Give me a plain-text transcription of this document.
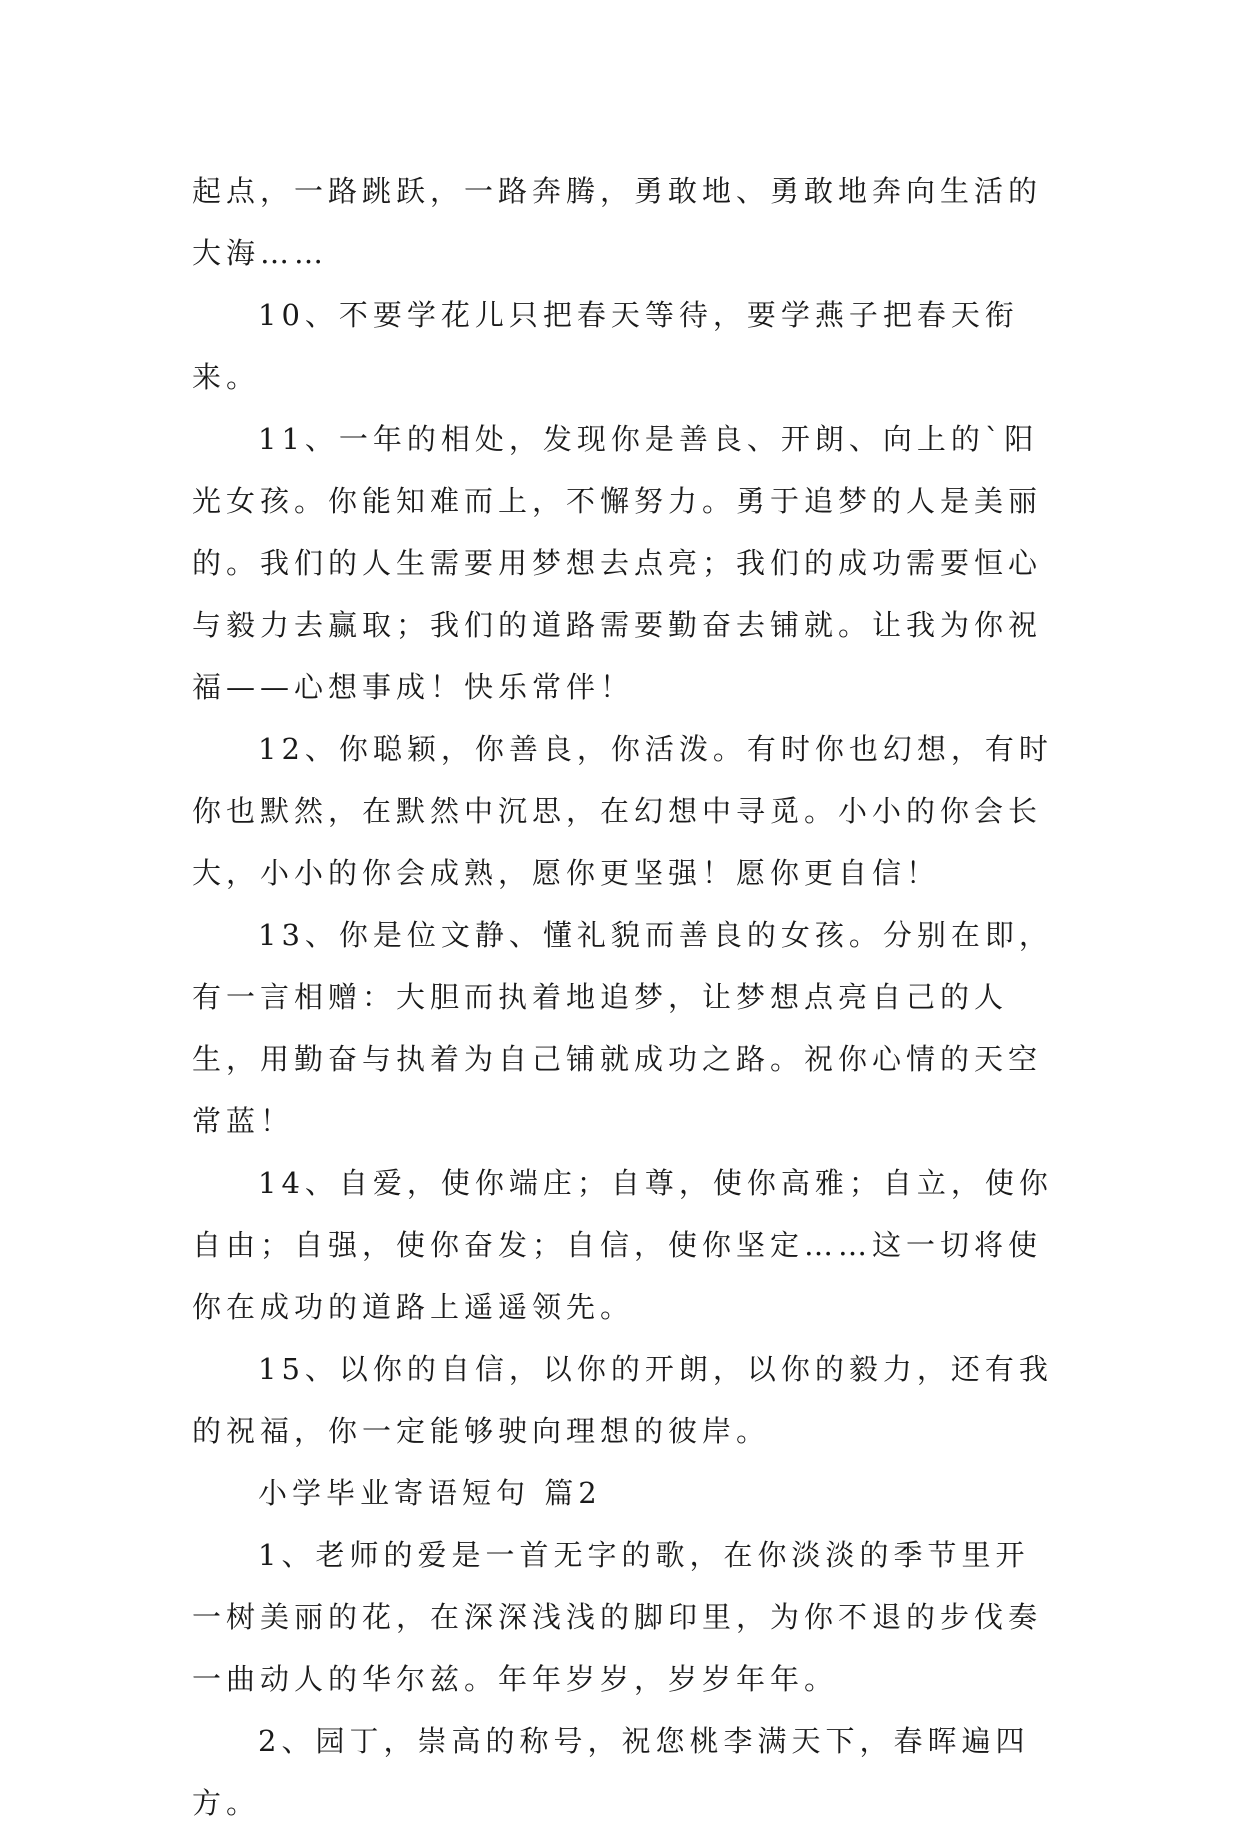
起点，一路跳跃，一路奔腾，勇敢地、勇敢地奔向生活的大海……

10、不要学花儿只把春天等待，要学燕子把春天衔来。

11、一年的相处，发现你是善良、开朗、向上的`阳光女孩。你能知难而上，不懈努力。勇于追梦的人是美丽的。我们的人生需要用梦想去点亮；我们的成功需要恒心与毅力去赢取；我们的道路需要勤奋去铺就。让我为你祝福——心想事成！快乐常伴！

12、你聪颖，你善良，你活泼。有时你也幻想，有时你也默然，在默然中沉思，在幻想中寻觅。小小的你会长大，小小的你会成熟，愿你更坚强！愿你更自信！

13、你是位文静、懂礼貌而善良的女孩。分别在即，有一言相赠：大胆而执着地追梦，让梦想点亮自己的人生，用勤奋与执着为自己铺就成功之路。祝你心情的天空常蓝！

14、自爱，使你端庄；自尊，使你高雅；自立，使你自由；自强，使你奋发；自信，使你坚定……这一切将使你在成功的道路上遥遥领先。

15、以你的自信，以你的开朗，以你的毅力，还有我的祝福，你一定能够驶向理想的彼岸。

小学毕业寄语短句 篇2

1、老师的爱是一首无字的歌，在你淡淡的季节里开一树美丽的花，在深深浅浅的脚印里，为你不退的步伐奏一曲动人的华尔兹。年年岁岁，岁岁年年。

2、园丁，崇高的称号，祝您桃李满天下，春晖遍四方。
